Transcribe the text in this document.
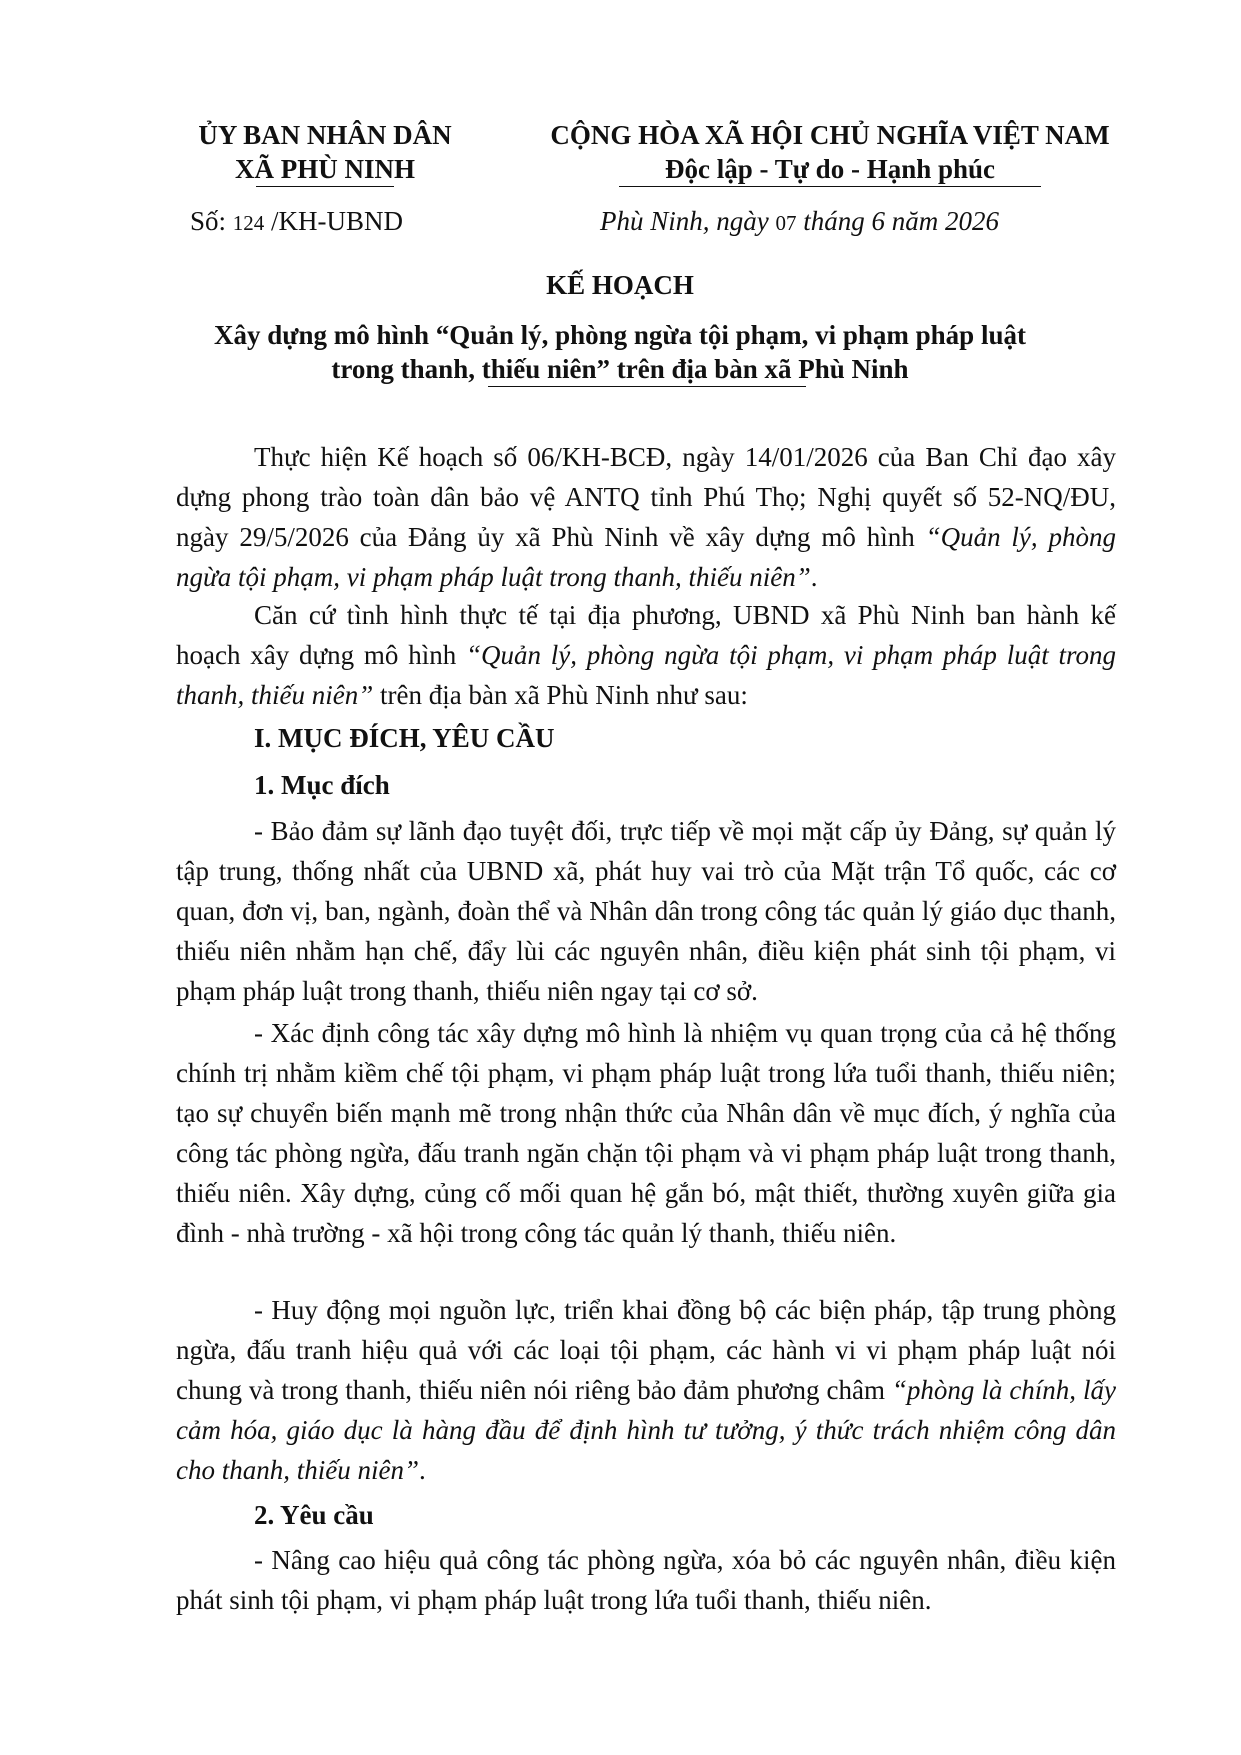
ỦY BAN NHÂN DÂN
XÃ PHÙ NINH
CỘNG HÒA XÃ HỘI CHỦ NGHĨA VIỆT NAM
Độc lập - Tự do - Hạnh phúc
Số: 124 /KH-UBND	Phù Ninh, ngày 07 tháng 6 năm 2026
KẾ HOẠCH
Xây dựng mô hình “Quản lý, phòng ngừa tội phạm, vi phạm pháp luật
trong thanh, thiếu niên” trên địa bàn xã Phù Ninh
Thực hiện Kế hoạch số 06/KH-BCĐ, ngày 14/01/2026 của Ban Chỉ đạo xây dựng phong trào toàn dân bảo vệ ANTQ tỉnh Phú Thọ; Nghị quyết số 52-NQ/ĐU, ngày 29/5/2026 của Đảng ủy xã Phù Ninh về xây dựng mô hình “Quản lý, phòng ngừa tội phạm, vi phạm pháp luật trong thanh, thiếu niên”.
Căn cứ tình hình thực tế tại địa phương, UBND xã Phù Ninh ban hành kế hoạch xây dựng mô hình “Quản lý, phòng ngừa tội phạm, vi phạm pháp luật trong thanh, thiếu niên” trên địa bàn xã Phù Ninh như sau:
I. MỤC ĐÍCH, YÊU CẦU
1. Mục đích
- Bảo đảm sự lãnh đạo tuyệt đối, trực tiếp về mọi mặt cấp ủy Đảng, sự quản lý tập trung, thống nhất của UBND xã, phát huy vai trò của Mặt trận Tổ quốc, các cơ quan, đơn vị, ban, ngành, đoàn thể và Nhân dân trong công tác quản lý giáo dục thanh, thiếu niên nhằm hạn chế, đẩy lùi các nguyên nhân, điều kiện phát sinh tội phạm, vi phạm pháp luật trong thanh, thiếu niên ngay tại cơ sở.
- Xác định công tác xây dựng mô hình là nhiệm vụ quan trọng của cả hệ thống chính trị nhằm kiềm chế tội phạm, vi phạm pháp luật trong lứa tuổi thanh, thiếu niên; tạo sự chuyển biến mạnh mẽ trong nhận thức của Nhân dân về mục đích, ý nghĩa của công tác phòng ngừa, đấu tranh ngăn chặn tội phạm và vi phạm pháp luật trong thanh, thiếu niên. Xây dựng, củng cố mối quan hệ gắn bó, mật thiết, thường xuyên giữa gia đình - nhà trường - xã hội trong công tác quản lý thanh, thiếu niên.
- Huy động mọi nguồn lực, triển khai đồng bộ các biện pháp, tập trung phòng ngừa, đấu tranh hiệu quả với các loại tội phạm, các hành vi vi phạm pháp luật nói chung và trong thanh, thiếu niên nói riêng bảo đảm phương châm “phòng là chính, lấy cảm hóa, giáo dục là hàng đầu để định hình tư tưởng, ý thức trách nhiệm công dân cho thanh, thiếu niên”.
2. Yêu cầu
- Nâng cao hiệu quả công tác phòng ngừa, xóa bỏ các nguyên nhân, điều kiện phát sinh tội phạm, vi phạm pháp luật trong lứa tuổi thanh, thiếu niên.
